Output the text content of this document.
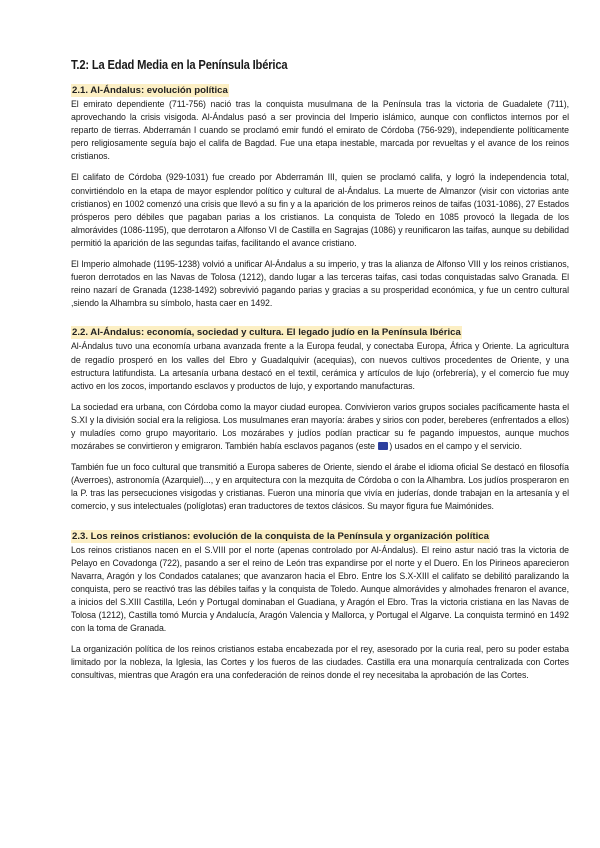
T.2: La Edad Media en la Península Ibérica
2.1. Al-Ándalus: evolución política

El emirato dependiente (711-756) nació tras la conquista musulmana de la Península tras la victoria de Guadalete (711), aprovechando la crisis visigoda. Al-Ándalus pasó a ser provincia del Imperio islámico, aunque con conflictos internos por el reparto de tierras. Abderramán I cuando se proclamó emir fundó el emirato de Córdoba (756-929), independiente políticamente pero religiosamente seguía bajo el califa de Bagdad. Fue una etapa inestable, marcada por revueltas y el avance de los reinos cristianos.

El califato de Córdoba (929-1031) fue creado por Abderramán III, quien se proclamó califa, y logró la independencia total, convirtiéndolo en la etapa de mayor esplendor político y cultural de al-Ándalus. La muerte de Almanzor (visir con victorias ante cristianos) en 1002 comenzó una crisis que llevó a su fin y a la aparición de los primeros reinos de taifas (1031-1086), 27 Estados prósperos pero débiles que pagaban parias a los cristianos. La conquista de Toledo en 1085 provocó la llegada de los almorávides (1086-1195), que derrotaron a Alfonso VI de Castilla en Sagrajas (1086) y reunificaron las taifas, aunque su debilidad permitió la aparición de las segundas taifas, facilitando el avance cristiano.

El Imperio almohade (1195-1238) volvió a unificar Al-Ándalus a su imperio, y tras la alianza de Alfonso VIII y los reinos cristianos, fueron derrotados en las Navas de Tolosa (1212), dando lugar a las terceras taifas, casi todas conquistadas salvo Granada. El reino nazarí de Granada (1238-1492) sobrevivió pagando parias y gracias a su prosperidad económica, y fue un centro cultural ,siendo la Alhambra su símbolo, hasta caer en 1492.

2.2. Al-Ándalus: economía, sociedad y cultura. El legado judío en la Península Ibérica

Al-Ándalus tuvo una economía urbana avanzada frente a la Europa feudal, y conectaba Europa, África y Oriente. La agricultura de regadío prosperó en los valles del Ebro y Guadalquivir (acequias), con nuevos cultivos procedentes de Oriente, y una estructura latifundista. La artesanía urbana destacó en el textil, cerámica y artículos de lujo (orfebrería), y el comercio fue muy activo en los zocos, importando esclavos y productos de lujo, y exportando manufacturas.

La sociedad era urbana, con Córdoba como la mayor ciudad europea. Convivieron varios grupos sociales pacíficamente hasta el S.XI y la división social era la religiosa. Los musulmanes eran mayoría: árabes y sirios con poder, bereberes (enfrentados a ellos) y muladíes como grupo mayoritario. Los mozárabes y judíos podían practicar su fe pagando impuestos, aunque muchos mozárabes se convirtieron y emigraron. También había esclavos paganos (este ) usados en el campo y el servicio.

También fue un foco cultural que transmitió a Europa saberes de Oriente, siendo el árabe el idioma oficial Se destacó en filosofía (Averroes), astronomía (Azarquiel)..., y en arquitectura con la mezquita de Córdoba o con la Alhambra. Los judíos prosperaron en la P. tras las persecuciones visigodas y cristianas. Fueron una minoría que vivía en juderías, donde trabajan en la artesanía y el comercio, y sus intelectuales (políglotas) eran traductores de textos clásicos. Su mayor figura fue Maimónides.

2.3. Los reinos cristianos: evolución de la conquista de la Península y organización política

Los reinos cristianos nacen en el S.VIII por el norte (apenas controlado por Al-Ándalus). El reino astur nació tras la victoria de Pelayo en Covadonga (722), pasando a ser el reino de León tras expandirse por el norte y el Duero. En los Pirineos aparecieron Navarra, Aragón y los Condados catalanes; que avanzaron hacia el Ebro. Entre los S.X-XIII el califato se debilitó paralizando la conquista, pero se reactivó tras las débiles taifas y la conquista de Toledo. Aunque almorávides y almohades frenaron el avance, a inicios del S.XIII Castilla, León y Portugal dominaban el Guadiana, y Aragón el Ebro. Tras la victoria cristiana en las Navas de Tolosa (1212), Castilla tomó Murcia y Andalucía, Aragón Valencia y Mallorca, y Portugal el Algarve. La conquista terminó en 1492 con la toma de Granada.

La organización política de los reinos cristianos estaba encabezada por el rey, asesorado por la curia real, pero su poder estaba limitado por la nobleza, la Iglesia, las Cortes y los fueros de las ciudades. Castilla era una monarquía centralizada con Cortes consultivas, mientras que Aragón era una confederación de reinos donde el rey necesitaba la aprobación de las Cortes.
